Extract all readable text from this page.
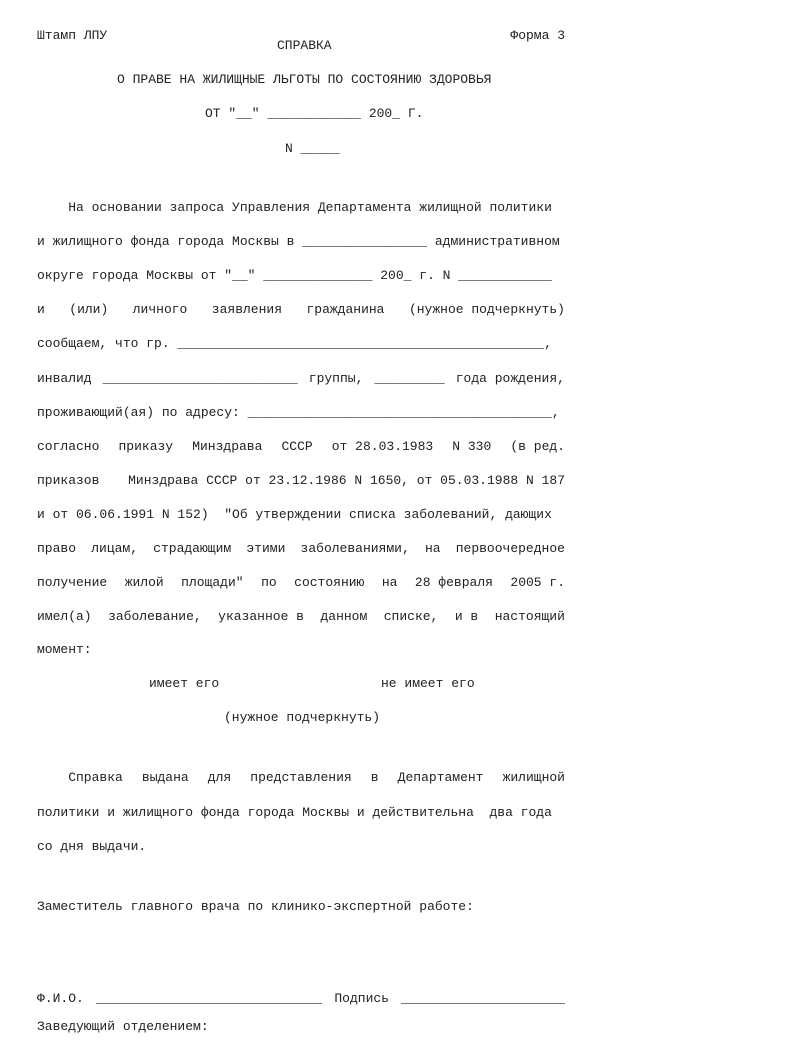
Штамп ЛПУ	Форма 3

СПРАВКА
О ПРАВЕ НА ЖИЛИЩНЫЕ ЛЬГОТЫ ПО СОСТОЯНИЮ ЗДОРОВЬЯ
ОТ "__" ____________ 200_ Г.
N _____
На основании запроса Управления Департамента жилищной политики
и жилищного фонда города Москвы в ________________ административном
округе города Москвы от "__" ______________ 200_ г. N ____________
и (или) личного заявления гражданина (нужное подчеркнуть)
сообщаем, что гр. _______________________________________________,
инвалид _________________________ группы, _________ года рождения,
проживающий(ая) по адресу: _______________________________________,
согласно приказу Минздрава СССР от 28.03.1983 N 330 (в ред.
приказов Минздрава СССР от 23.12.1986 N 1650, от 05.03.1988 N 187
и от 06.06.1991 N 152)  "Об утверждении списка заболеваний, дающих
право лицам, страдающим этими заболеваниями, на первоочередное
получение жилой площади" по состоянию на 28 февраля 2005 г.
имел(а) заболевание, указанное в данном списке, и в настоящий
момент:
имеет его	не имеет его
(нужное подчеркнуть)
Справка выдана для представления в Департамент жилищной
политики и жилищного фонда города Москвы и действительна  два года
со дня выдачи.
Заместитель главного врача по клинико-экспертной работе:

Ф.И.О. _____________________________ Подпись _____________________

Заведующий отделением:
